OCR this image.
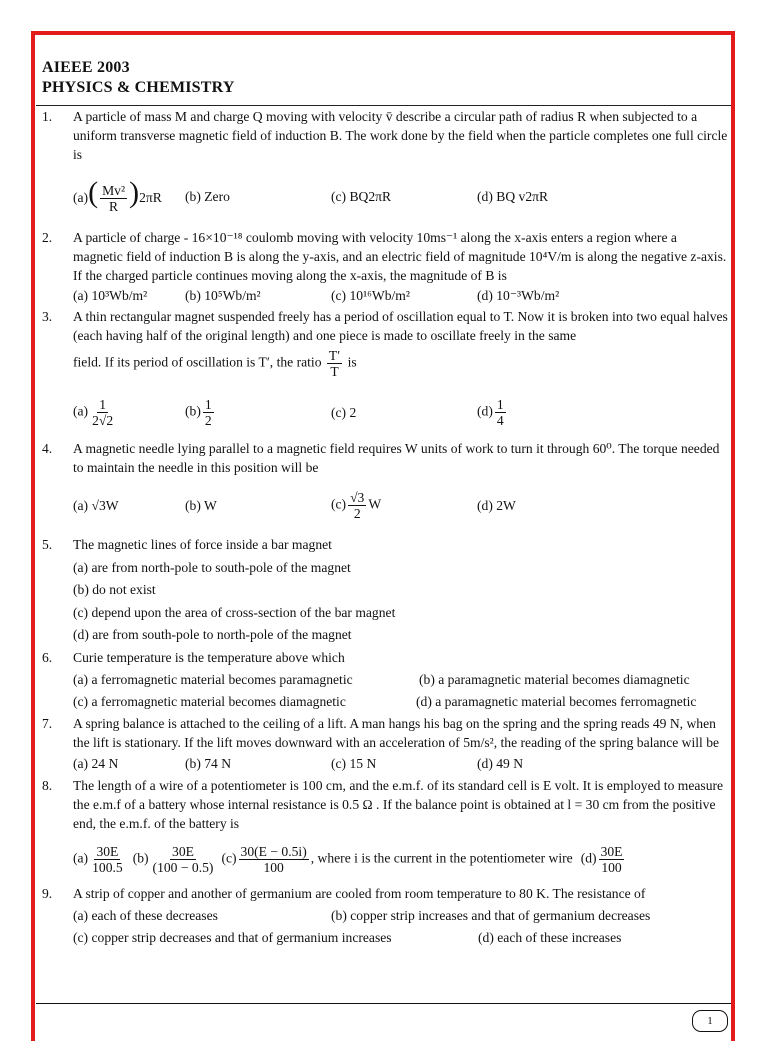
AIEEE 2003
PHYSICS & CHEMISTRY
1. A particle of mass M and charge Q moving with velocity v̄ describe a circular path of radius R when subjected to a uniform transverse magnetic field of induction B. The work done by the field when the particle completes one full circle is
$(a)( \frac{\text{Mv²}}{R} )2\pi R$	(b) Zero	(c) BQ2πR	(d) BQ v2πR
2. A particle of charge - 16×10⁻¹⁸ coulomb moving with velocity 10ms⁻¹ along the x-axis enters a region where a magnetic field of induction B is along the y-axis, and an electric field of magnitude 10⁴V/m is along the negative z-axis. If the charged particle continues moving along the x-axis, the magnitude of B is
(a) 10³Wb/m²	(b) 10⁵Wb/m²	(c) 10¹⁶Wb/m²	(d) 10⁻³Wb/m²
3. A thin rectangular magnet suspended freely has a period of oscillation equal to T. Now it is broken into two equal halves (each having half of the original length) and one piece is made to oscillate freely in the same
field. If its period of oscillation is T′, the ratio $\frac{T'}{T}$ is
$(a) \frac{1}{2√2}$	$(b) \frac{1}{2}$	(c) 2	$(d) \frac{1}{4}$
4. A magnetic needle lying parallel to a magnetic field requires W units of work to turn it through 60⁰. The torque needed to maintain the needle in this position will be
(a) √3W	(b) W	$(c) \frac{√3}{2}$ W	(d) 2W
5. The magnetic lines of force inside a bar magnet
(a) are from north-pole to south-pole of the magnet
(b) do not exist
(c) depend upon the area of cross-section of the bar magnet
(d) are from south-pole to north-pole of the magnet
6. Curie temperature is the temperature above which
(a) a ferromagnetic material becomes paramagnetic	(b) a paramagnetic material becomes diamagnetic
(c) a ferromagnetic material becomes diamagnetic	(d) a paramagnetic material becomes ferromagnetic
7. A spring balance is attached to the ceiling of a lift. A man hangs his bag on the spring and the spring reads 49 N, when the lift is stationary. If the lift moves downward with an acceleration of 5m/s², the reading of the spring balance will be
(a) 24 N	(b) 74 N	(c) 15 N	(d) 49 N
8. The length of a wire of a potentiometer is 100 cm, and the e.m.f. of its standard cell is E volt. It is employed to measure the e.m.f of a battery whose internal resistance is 0.5 Ω . If the balance point is obtained at l = 30 cm from the positive end, the e.m.f. of the battery is
$(a) \frac{30E}{100.5} (b) \frac{30E}{(100 - 0.5)} (c) \frac{30(E - 0.5i)}{100}$ , where i is the current in the potentiometer wire $(d) \frac{30E}{100}$
9. A strip of copper and another of germanium are cooled from room temperature to 80 K. The resistance of
(a) each of these decreases	(b) copper strip increases and that of germanium decreases
(c) copper strip decreases and that of germanium increases	(d) each of these increases
1
